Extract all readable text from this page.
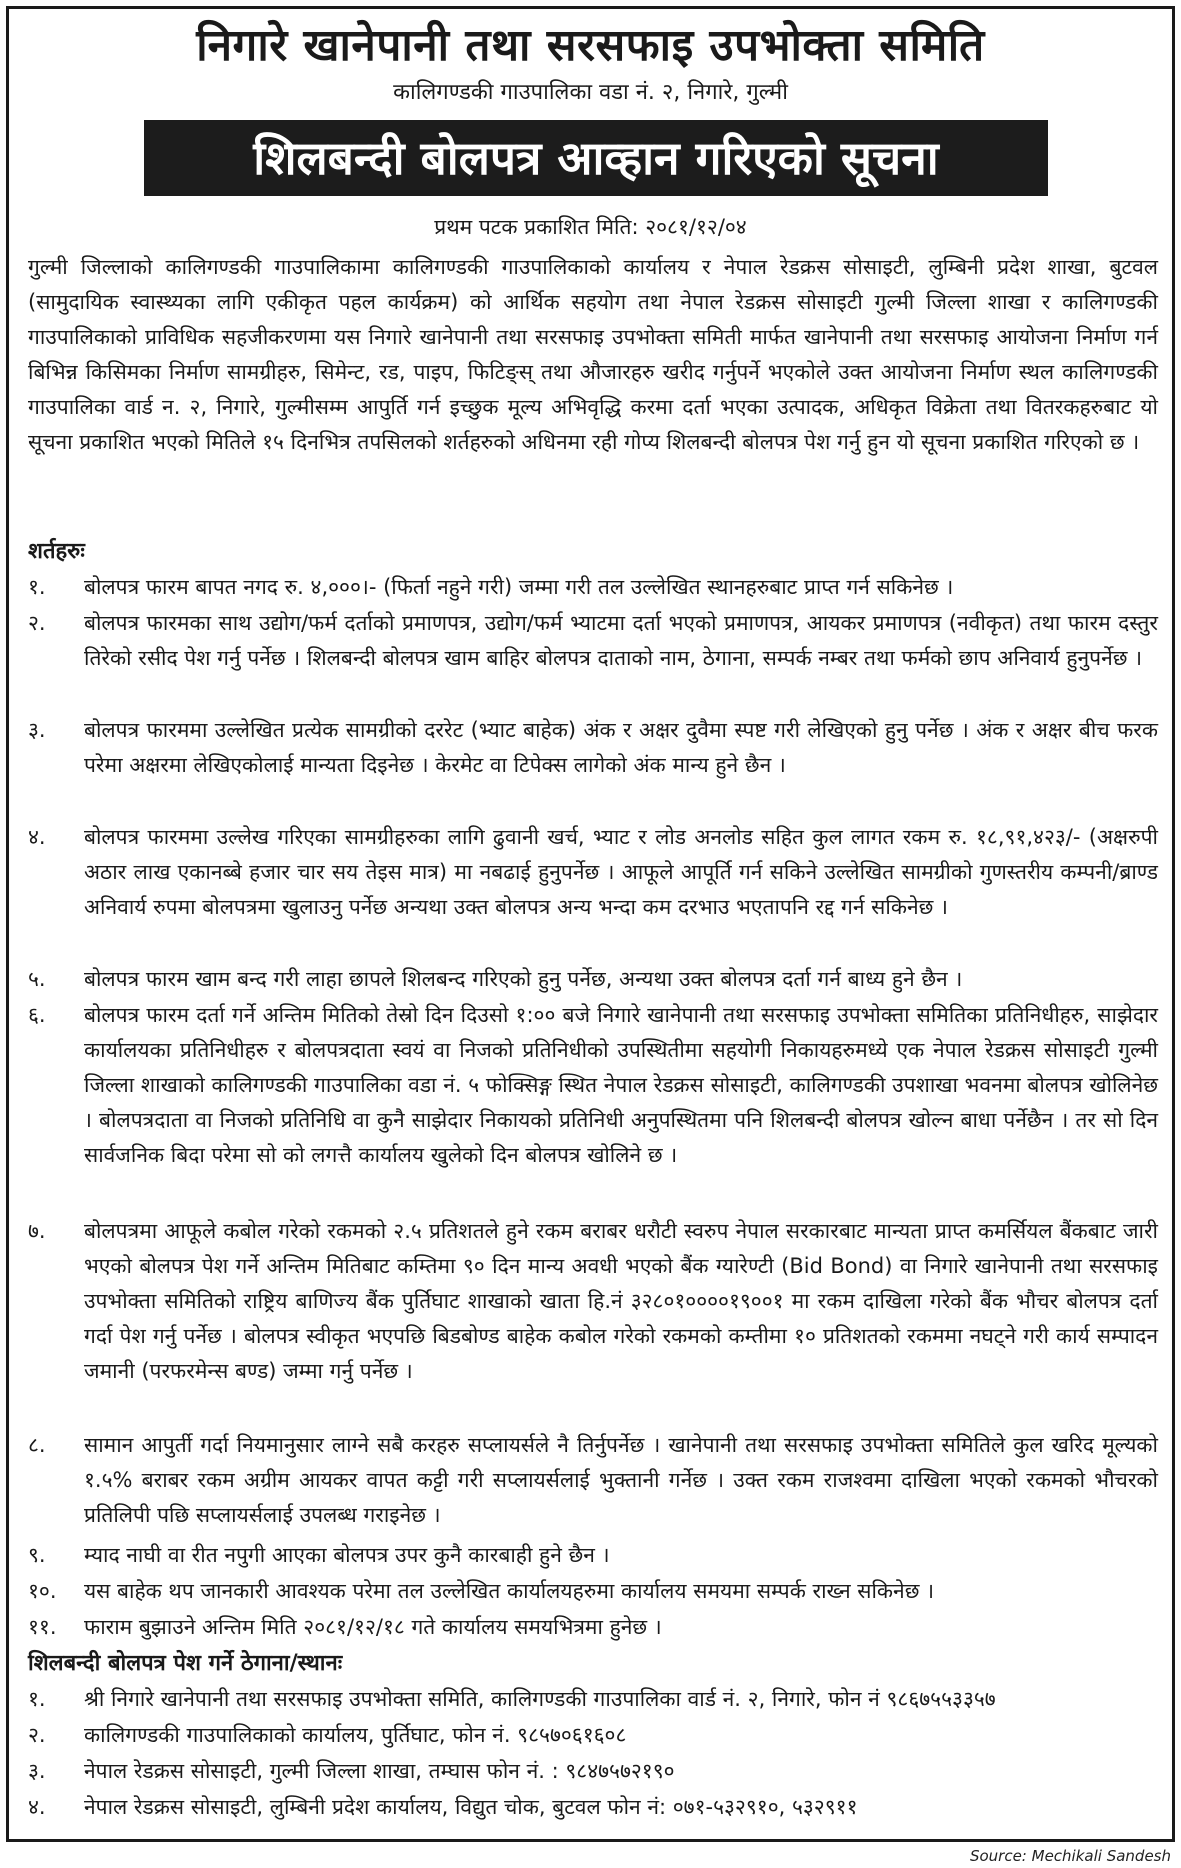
निगारे खानेपानी तथा सरसफाइ उपभोक्ता समिति
कालिगण्डकी गाउपालिका वडा नं. २, निगारे, गुल्मी
शिलबन्दी बोलपत्र आव्हान गरिएको सूचना
प्रथम पटक प्रकाशित मिति: २०८१/१२/०४

गुल्मी जिल्लाको कालिगण्डकी गाउपालिकामा कालिगण्डकी गाउपालिकाको कार्यालय र नेपाल रेडक्रस सोसाइटी, लुम्बिनी प्रदेश शाखा, बुटवल (सामुदायिक स्वास्थ्यका लागि एकीकृत पहल कार्यक्रम) को आर्थिक सहयोग तथा नेपाल रेडक्रस सोसाइटी गुल्मी जिल्ला शाखा र कालिगण्डकी गाउपालिकाको प्राविधिक सहजीकरणमा यस निगारे खानेपानी तथा सरसफाइ उपभोक्ता समिती मार्फत खानेपानी तथा सरसफाइ आयोजना निर्माण गर्न बिभिन्न किसिमका निर्माण सामग्रीहरु, सिमेन्ट, रड, पाइप, फिटिङ्स् तथा औजारहरु खरीद गर्नुपर्ने भएकोले उक्त आयोजना निर्माण स्थल कालिगण्डकी गाउपालिका वार्ड न. २, निगारे, गुल्मीसम्म आपुर्ति गर्न इच्छुक मूल्य अभिवृद्धि करमा दर्ता भएका उत्पादक, अधिकृत विक्रेता तथा वितरकहरुबाट यो सूचना प्रकाशित भएको मितिले १५ दिनभित्र तपसिलको शर्तहरुको अधिनमा रही गोप्य शिलबन्दी बोलपत्र पेश गर्नु हुन यो सूचना प्रकाशित गरिएको छ ।

शर्तहरुः
१.	बोलपत्र फारम बापत नगद रु. ४,०००।- (फिर्ता नहुने गरी) जम्मा गरी तल उल्लेखित स्थानहरुबाट प्राप्त गर्न सकिनेछ ।
२.	बोलपत्र फारमका साथ उद्योग/फर्म दर्ताको प्रमाणपत्र, उद्योग/फर्म भ्याटमा दर्ता भएको प्रमाणपत्र, आयकर प्रमाणपत्र (नवीकृत) तथा फारम दस्तुर तिरेको रसीद पेश गर्नु पर्नेछ । शिलबन्दी बोलपत्र खाम बाहिर बोलपत्र दाताको नाम, ठेगाना, सम्पर्क नम्बर तथा फर्मको छाप अनिवार्य हुनुपर्नेछ ।
३.	बोलपत्र फारममा उल्लेखित प्रत्येक सामग्रीको दररेट (भ्याट बाहेक) अंक र अक्षर दुवैमा स्पष्ट गरी लेखिएको हुनु पर्नेछ । अंक र अक्षर बीच फरक परेमा अक्षरमा लेखिएकोलाई मान्यता दिइनेछ । केरमेट वा टिपेक्स लागेको अंक मान्य हुने छैन ।
४.	बोलपत्र फारममा उल्लेख गरिएका सामग्रीहरुका लागि ढुवानी खर्च, भ्याट र लोड अनलोड सहित कुल लागत रकम रु. १८,९१,४२३/- (अक्षरुपी अठार लाख एकानब्बे हजार चार सय तेइस मात्र) मा नबढाई हुनुपर्नेछ । आफूले आपूर्ति गर्न सकिने उल्लेखित सामग्रीको गुणस्तरीय कम्पनी/ब्राण्ड अनिवार्य रुपमा बोलपत्रमा खुलाउनु पर्नेछ अन्यथा उक्त बोलपत्र अन्य भन्दा कम दरभाउ भएतापनि रद्द गर्न सकिनेछ ।
५.	बोलपत्र फारम खाम बन्द गरी लाहा छापले शिलबन्द गरिएको हुनु पर्नेछ, अन्यथा उक्त बोलपत्र दर्ता गर्न बाध्य हुने छैन ।
६.	बोलपत्र फारम दर्ता गर्ने अन्तिम मितिको तेस्रो दिन दिउसो १:०० बजे निगारे खानेपानी तथा सरसफाइ उपभोक्ता समितिका प्रतिनिधीहरु, साझेदार कार्यालयका प्रतिनिधीहरु र बोलपत्रदाता स्वयं वा निजको प्रतिनिधीको उपस्थितीमा सहयोगी निकायहरुमध्ये एक नेपाल रेडक्रस सोसाइटी गुल्मी जिल्ला शाखाको कालिगण्डकी गाउपालिका वडा नं. ५ फोक्सिङ्ग स्थित नेपाल रेडक्रस सोसाइटी, कालिगण्डकी उपशाखा भवनमा बोलपत्र खोलिनेछ । बोलपत्रदाता वा निजको प्रतिनिधि वा कुनै साझेदार निकायको प्रतिनिधी अनुपस्थितमा पनि शिलबन्दी बोलपत्र खोल्न बाधा पर्नेछैन । तर सो दिन सार्वजनिक बिदा परेमा सो को लगत्तै कार्यालय खुलेको दिन बोलपत्र खोलिने छ ।
७.	बोलपत्रमा आफूले कबोल गरेको रकमको २.५ प्रतिशतले हुने रकम बराबर धरौटी स्वरुप नेपाल सरकारबाट मान्यता प्राप्त कमर्सियल बैंकबाट जारी भएको बोलपत्र पेश गर्ने अन्तिम मितिबाट कम्तिमा ९० दिन मान्य अवधी भएको बैंक ग्यारेण्टी (Bid Bond) वा निगारे खानेपानी तथा सरसफाइ उपभोक्ता समितिको राष्ट्रिय बाणिज्य बैंक पुर्तिघाट शाखाको खाता हि.नं ३२८०१००००१९००१ मा रकम दाखिला गरेको बैंक भौचर बोलपत्र दर्ता गर्दा पेश गर्नु पर्नेछ । बोलपत्र स्वीकृत भएपछि बिडबोण्ड बाहेक कबोल गरेको रकमको कम्तीमा १० प्रतिशतको रकममा नघट्ने गरी कार्य सम्पादन जमानी (परफरमेन्स बण्ड) जम्मा गर्नु पर्नेछ ।
८.	सामान आपुर्ती गर्दा नियमानुसार लाग्ने सबै करहरु सप्लायर्सले नै तिर्नुपर्नेछ । खानेपानी तथा सरसफाइ उपभोक्ता समितिले कुल खरिद मूल्यको १.५% बराबर रकम अग्रीम आयकर वापत कट्टी गरी सप्लायर्सलाई भुक्तानी गर्नेछ । उक्त रकम राजश्वमा दाखिला भएको रकमको भौचरको प्रतिलिपी पछि सप्लायर्सलाई उपलब्ध गराइनेछ ।
९.	म्याद नाघी वा रीत नपुगी आएका बोलपत्र उपर कुनै कारबाही हुने छैन ।
१०.	यस बाहेक थप जानकारी आवश्यक परेमा तल उल्लेखित कार्यालयहरुमा कार्यालय समयमा सम्पर्क राख्न सकिनेछ ।
११.	फाराम बुझाउने अन्तिम मिति २०८१/१२/१८ गते कार्यालय समयभित्रमा हुनेछ ।
शिलबन्दी बोलपत्र पेश गर्ने ठेगाना/स्थानः
१.	श्री निगारे खानेपानी तथा सरसफाइ उपभोक्ता समिति, कालिगण्डकी गाउपालिका वार्ड नं. २, निगारे, फोन नं ९८६७५५३३५७
२.	कालिगण्डकी गाउपालिकाको कार्यालय, पुर्तिघाट, फोन नं. ९८५७०६१६०८
३.	नेपाल रेडक्रस सोसाइटी, गुल्मी जिल्ला शाखा, तम्घास फोन नं. : ९८४७५७२१९०
४.	नेपाल रेडक्रस सोसाइटी, लुम्बिनी प्रदेश कार्यालय, विद्युत चोक, बुटवल फोन नं: ०७१-५३२९१०, ५३२९११
Source: Mechikali Sandesh
